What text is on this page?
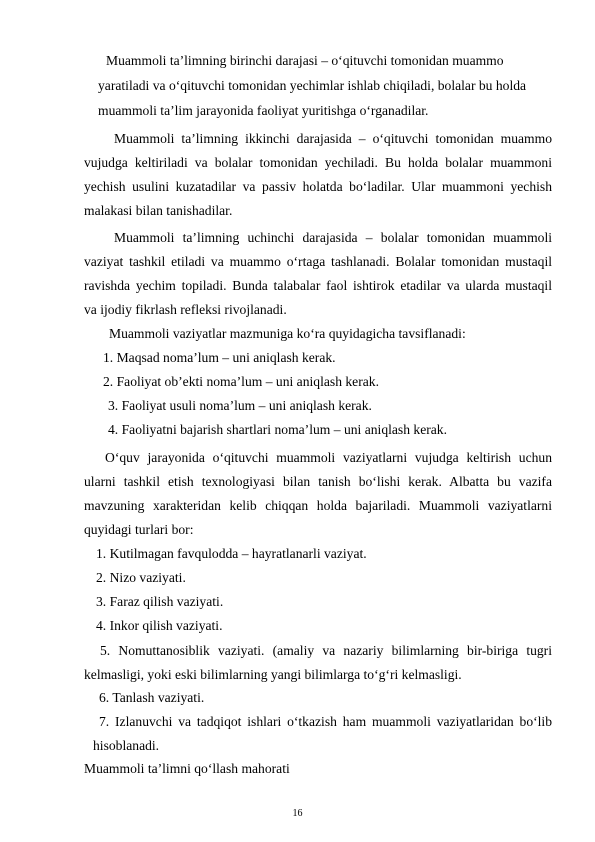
Muammoli ta’limning birinchi darajasi – o‘qituvchi tomonidan muammo
yaratiladi va o‘qituvchi tomonidan yechimlar ishlab chiqiladi, bolalar bu holda
muammoli ta’lim jarayonida faoliyat yuritishga o‘rganadilar.
Muammoli ta’limning ikkinchi darajasida – o‘qituvchi tomonidan muammo
vujudga keltiriladi va bolalar tomonidan yechiladi. Bu holda bolalar muammoni
yechish usulini kuzatadilar va passiv holatda bo‘ladilar. Ular muammoni yechish
malakasi bilan tanishadilar.
Muammoli ta’limning uchinchi darajasida – bolalar tomonidan muammoli
vaziyat tashkil etiladi va muammo o‘rtaga tashlanadi. Bolalar tomonidan mustaqil
ravishda yechim topiladi. Bunda talabalar faol ishtirok etadilar va ularda mustaqil
va ijodiy fikrlash refleksi rivojlanadi.
Muammoli vaziyatlar mazmuniga ko‘ra quyidagicha tavsiflanadi:
1. Maqsad noma’lum – uni aniqlash kerak.
2. Faoliyat ob’ekti noma’lum – uni aniqlash kerak.
3. Faoliyat usuli noma’lum – uni aniqlash kerak.
4. Faoliyatni bajarish shartlari noma’lum – uni aniqlash kerak.
O‘quv jarayonida o‘qituvchi muammoli vaziyatlarni vujudga keltirish uchun
ularni tashkil etish texnologiyasi bilan tanish bo‘lishi kerak. Albatta bu vazifa
mavzuning xarakteridan kelib chiqqan holda bajariladi. Muammoli vaziyatlarni
quyidagi turlari bor:
1. Kutilmagan favqulodda – hayratlanarli vaziyat.
2. Nizo vaziyati.
3. Faraz qilish vaziyati.
4. Inkor qilish vaziyati.
5. Nomuttanosiblik vaziyati. (amaliy va nazariy bilimlarning bir-biriga tugri
kelmasligi, yoki eski bilimlarning yangi bilimlarga to‘g‘ri kelmasligi.
6. Tanlash vaziyati.
7. Izlanuvchi va tadqiqot ishlari o‘tkazish ham muammoli vaziyatlaridan bo‘lib
hisoblanadi.
Muammoli ta’limni qo‘llash mahorati
16
